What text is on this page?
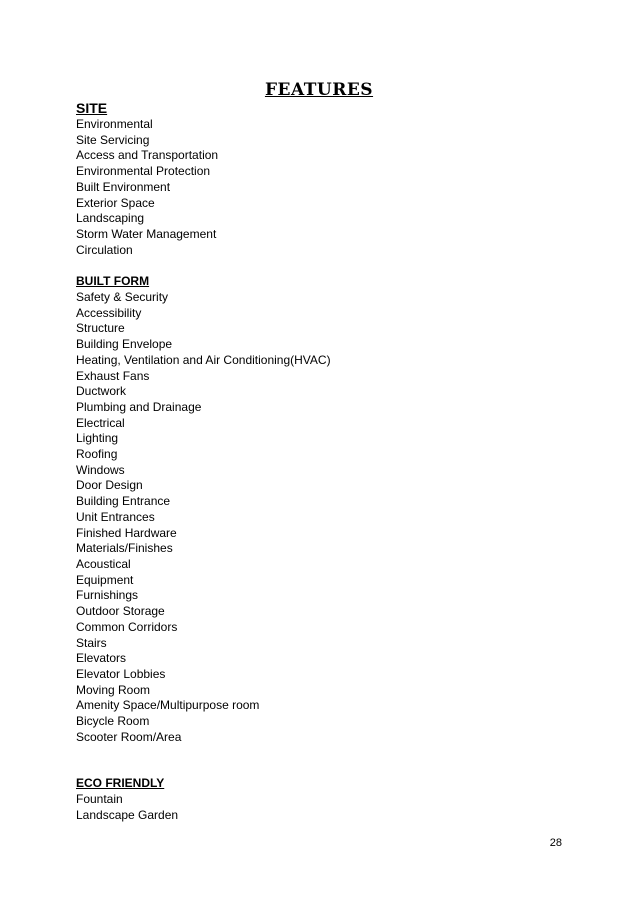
FEATURES
SITE
Environmental
Site Servicing
Access and Transportation
Environmental Protection
Built Environment
Exterior Space
Landscaping
Storm Water Management
Circulation
BUILT FORM
Safety & Security
Accessibility
Structure
Building Envelope
Heating, Ventilation and Air Conditioning(HVAC)
Exhaust Fans
Ductwork
Plumbing and Drainage
Electrical
Lighting
Roofing
Windows
Door Design
Building Entrance
Unit Entrances
Finished Hardware
Materials/Finishes
Acoustical
Equipment
Furnishings
Outdoor Storage
Common Corridors
Stairs
Elevators
Elevator Lobbies
Moving Room
Amenity Space/Multipurpose room
Bicycle Room
Scooter Room/Area
ECO FRIENDLY
Fountain
Landscape Garden
28
